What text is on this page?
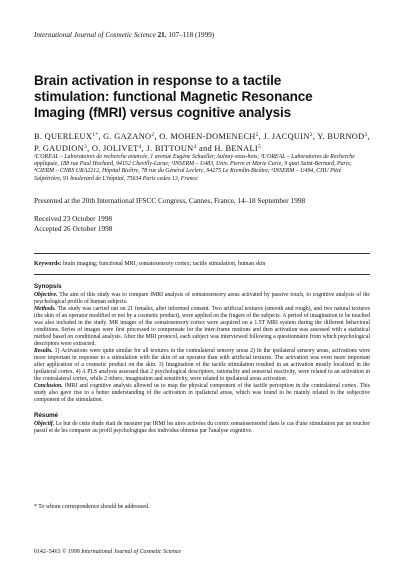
International Journal of Cosmetic Science 21, 107–118 (1999)

Brain activation in response to a tactile
stimulation: functional Magnetic Resonance
Imaging (fMRI) versus cognitive analysis

B. $QUERLEUX^{1*}$, G. GAZANO$^2$, O. MOHEN-DOMENECH$^2$, J. JACQUIN$^2$, Y. BURNOD$^3$, P. GAUDION$^3$, O. JOLIVET$^4$, J. BITTOUN$^4$ and H. BENALI$^5$

¹L'OREAL – Laboratoires de recherche avancée, 1 avenue Eugène Schueller, Aulnay-sous-bois; ²L'OREAL – Laboratoires de Recherche appliquée, 188 rue Paul Hochard, 94152 Chevilly-Larue; ³INSERM – U483, Univ. Pierre et Marie Curie, 9 quai Saint-Bernard, Paris; ⁴CIERM – CNRS URA2212, Hôpital Bicêtre, 78 rue du Général Leclerc, 94275 Le Kremlin-Bicêtre; ⁵INSERM – U494, CHU Pitié Salpétrière, 91 boulevard de L'hôpital, 75634 Paris cedex 13, France

Presented at the 20th International IFSCC Congress, Cannes, France, 14–18 September 1998

Received 23 October 1998
Accepted 26 October 1998

Keywords: brain imaging; functional MRI, somatosensory cortex; tactile stimulation, human skin

Synopsis

Objective. The aim of this study was to compare fMRI analysis of somatosensory areas activated by passive touch, to cognitive analysis of the psychological profile of human subjects.

Methods. The study was carried out on 21 females, after informed consent. Two artificial textures (smooth and rough), and two natural textures (the skin of an operator modified or not by a cosmetic product), were applied on the fingers of the subjects. A period of imagination to be touched was also included in the study. MR images of the somatosensory cortex were acquired on a 1.5T MRI system during the different behavioral conditions. Series of images were first processed to compensate for the inter-frame motions and then activation was assessed with a statistical method based on conditional analysis. After the MRI protocol, each subject was interviewed following a questionnaire from which psychological descriptors were extracted.

Results. 1) Activations were quite similar for all textures in the contralateral sensory areas 2) In the ipsilateral sensory areas, activations were more important in response to a stimulation with the skin of an operator than with artificial textures. The activation was even more important after application of a cosmetic product on the skin. 3) Imagination of the tactile stimulation resulted in an activation mostly localized in the ipsilateral cortex. 4) A PLS analysis assessed that 2 psychological descriptors, rationality and sensorial reactivity, were related to an activation in the contralateral cortex, while 2 others, imagination and sensitivity, were related to ipsilateral areas activation.

Conclusion. fMRI and cognitive analysis allowed us to map the physical component of the tactile perception in the contralateral cortex. This study also gave rise to a better understanding of the activation in ipsilateral areas, which was found to be mainly related to the subjective component of the stimulation.

Résumé

Objectif. Le but de cette étude était de mesurer par IRMf les aires activées du cortex somatosensoriel dans le cas d'une stimulation par un toucher passif et de les comparer au profil psychologique des individus obtenus par l'analyse cognitive.

* To whom correspondence should be addressed.
0142–5463 © 1999 International Journal of Cosmetic Science
